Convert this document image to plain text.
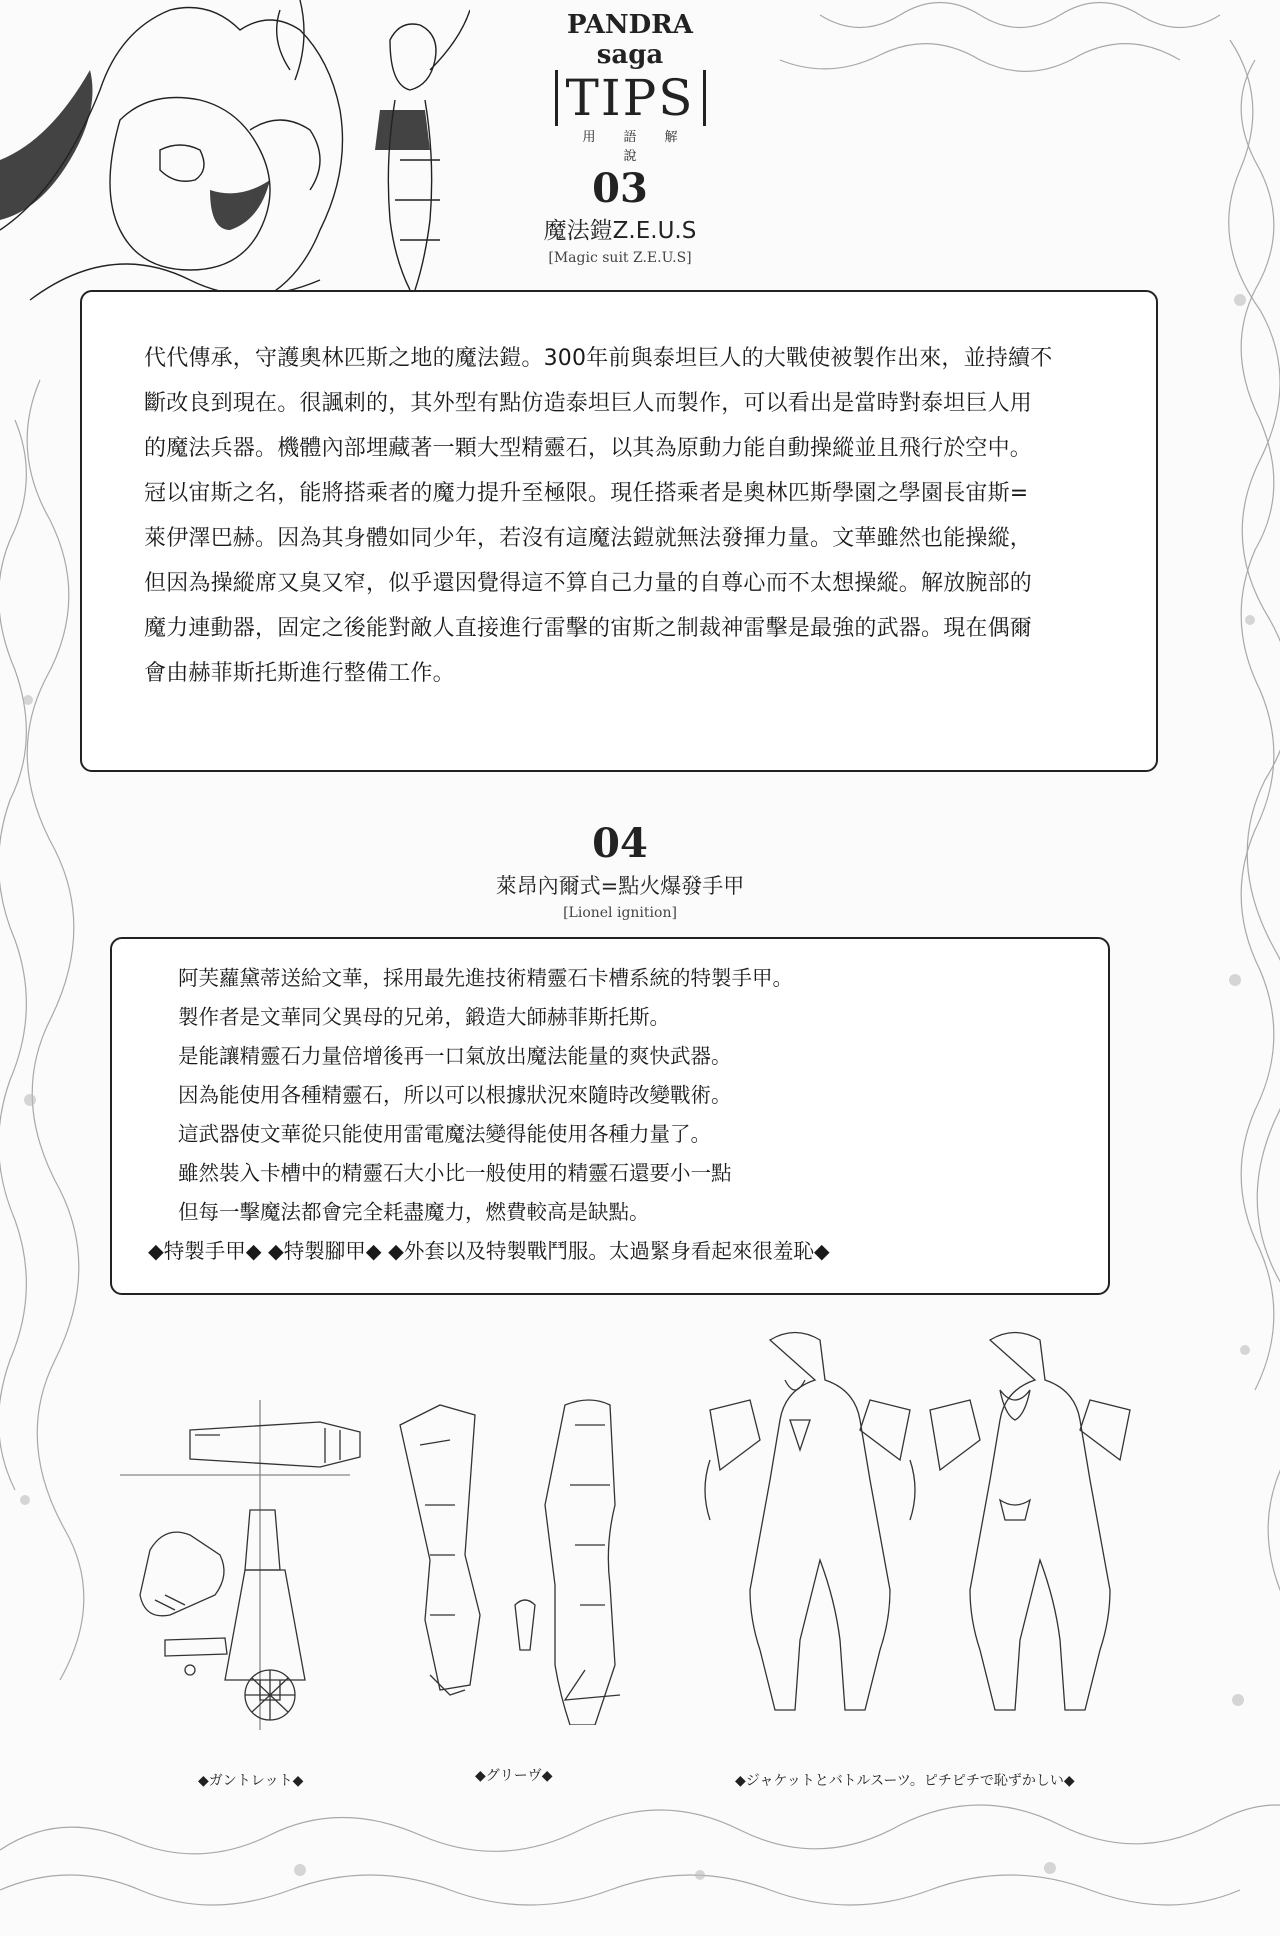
PANDRA saga
TIPS
用語解說
03
魔法鎧Z.E.U.S
[Magic suit Z.E.U.S]

代代傳承，守護奧林匹斯之地的魔法鎧。300年前與泰坦巨人的大戰使被製作出來，並持續不

斷改良到現在。很諷刺的，其外型有點仿造泰坦巨人而製作，可以看出是當時對泰坦巨人用

的魔法兵器。機體內部埋藏著一顆大型精靈石，以其為原動力能自動操縱並且飛行於空中。

冠以宙斯之名，能將搭乘者的魔力提升至極限。現任搭乘者是奧林匹斯學園之學園長宙斯=

萊伊澤巴赫。因為其身體如同少年，若沒有這魔法鎧就無法發揮力量。文華雖然也能操縱，

但因為操縱席又臭又窄，似乎還因覺得這不算自己力量的自尊心而不太想操縱。解放腕部的

魔力連動器，固定之後能對敵人直接進行雷擊的宙斯之制裁神雷擊是最強的武器。現在偶爾

會由赫菲斯托斯進行整備工作。

04
萊昂內爾式=點火爆發手甲
[Lionel ignition]

阿芙蘿黛蒂送給文華，採用最先進技術精靈石卡槽系統的特製手甲。

製作者是文華同父異母的兄弟，鍛造大師赫菲斯托斯。

是能讓精靈石力量倍增後再一口氣放出魔法能量的爽快武器。

因為能使用各種精靈石，所以可以根據狀況來隨時改變戰術。

這武器使文華從只能使用雷電魔法變得能使用各種力量了。

雖然裝入卡槽中的精靈石大小比一般使用的精靈石還要小一點

但每一擊魔法都會完全耗盡魔力，燃費較高是缺點。

◆特製手甲◆ ◆特製腳甲◆ ◆外套以及特製戰鬥服。太過緊身看起來很羞恥◆

◆ガントレット◆	◆グリーヴ◆	◆ジャケットとバトルスーツ。ピチピチで恥ずかしい◆
